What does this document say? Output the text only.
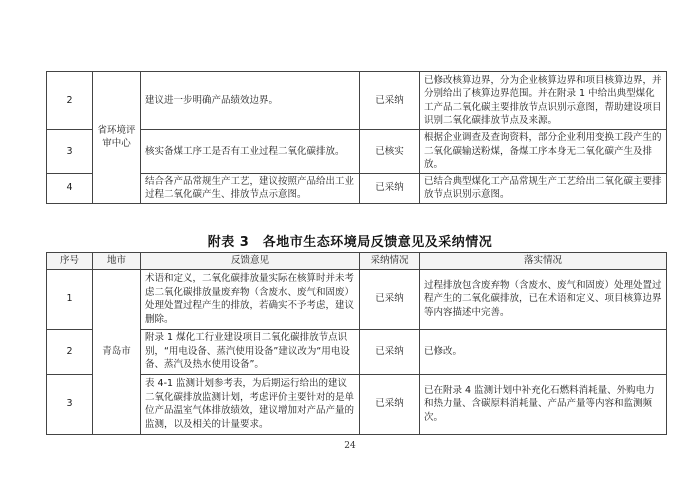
2	省环境评审中心	建议进一步明确产品绩效边界。	已采纳	已修改核算边界，分为企业核算边界和项目核算边界，并分别给出了核算边界范围。并在附录 1 中给出典型煤化工产品二氧化碳主要排放节点识别示意图，帮助建设项目识别二氧化碳排放节点及来源。
3		核实备煤工序工是否有工业过程二氧化碳排放。	已核实	根据企业调查及查询资料，部分企业利用变换工段产生的二氧化碳输送粉煤，备煤工序本身无二氧化碳产生及排放。
4		结合各产品常规生产工艺，建议按照产品给出工业过程二氧化碳产生、排放节点示意图。	已采纳	已结合典型煤化工产品常规生产工艺给出二氧化碳主要排放节点识别示意图。
附表 3　各地市生态环境局反馈意见及采纳情况
序号	地市	反馈意见	采纳情况	落实情况
1	青岛市	术语和定义，二氧化碳排放量实际在核算时并未考虑二氧化碳排放量废弃物（含废水、废气和固废）处理处置过程产生的排放，若确实不予考虑，建议删除。	已采纳	过程排放包含废弃物（含废水、废气和固废）处理处置过程产生的二氧化碳排放，已在术语和定义、项目核算边界等内容描述中完善。
2		附录 1 煤化工行业建设项目二氧化碳排放节点识别，“用电设备、蒸汽使用设备”建议改为“用电设备、蒸汽及热水使用设备”。	已采纳	已修改。
3		表 4-1 监测计划参考表，为后期运行给出的建议二氧化碳排放监测计划，考虑评价主要针对的是单位产品温室气体排放绩效，建议增加对产品产量的监测，以及相关的计量要求。	已采纳	已在附录 4 监测计划中补充化石燃料消耗量、外购电力和热力量、含碳原料消耗量、产品产量等内容和监测频次。
24
